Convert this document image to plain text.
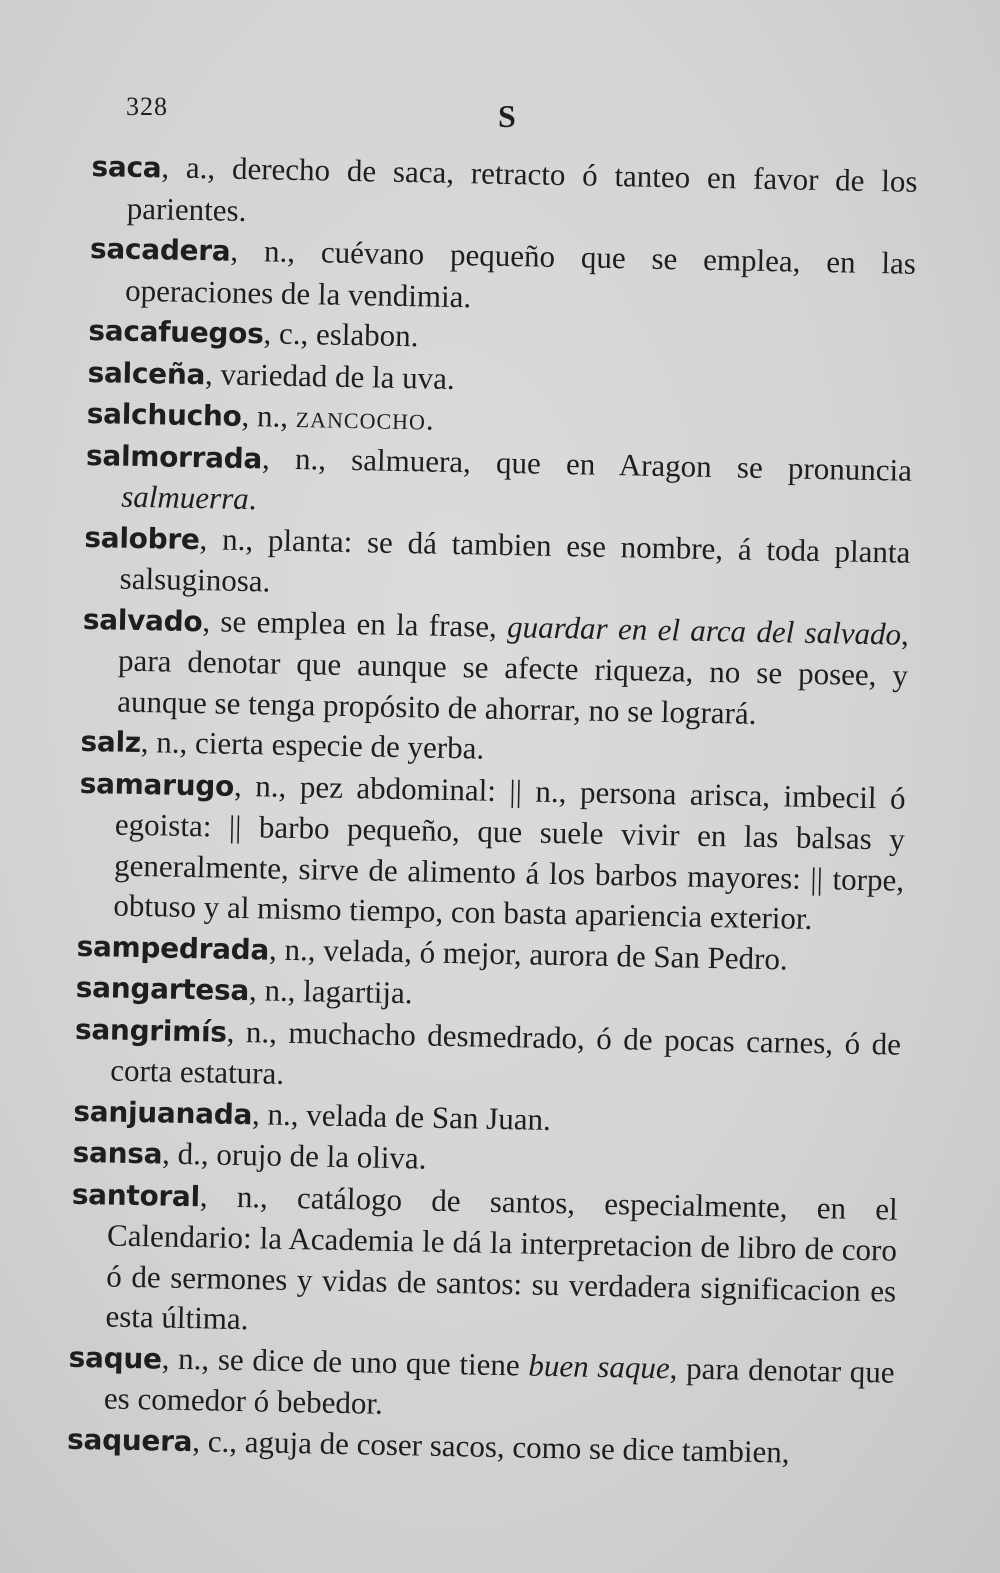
328	S
saca, a., derecho de saca, retracto ó tanteo en favor de los parientes.
sacadera, n., cuévano pequeño que se emplea, en las operaciones de la vendimia.
sacafuegos, c., eslabon.
salceña, variedad de la uva.
salchucho, n., zancocho.
salmorrada, n., salmuera, que en Aragon se pronuncia salmuerra.
salobre, n., planta: se dá tambien ese nombre, á toda planta salsuginosa.
salvado, se emplea en la frase, guardar en el arca del salvado, para denotar que aunque se afecte riqueza, no se posee, y aunque se tenga propósito de ahorrar, no se logrará.
salz, n., cierta especie de yerba.
samarugo, n., pez abdominal: || n., persona arisca, imbecil ó egoista: || barbo pequeño, que suele vivir en las balsas y generalmente, sirve de alimento á los barbos mayores: || torpe, obtuso y al mismo tiempo, con basta apariencia exterior.
sampedrada, n., velada, ó mejor, aurora de San Pedro.
sangartesa, n., lagartija.
sangrimís, n., muchacho desmedrado, ó de pocas carnes, ó de corta estatura.
sanjuanada, n., velada de San Juan.
sansa, d., orujo de la oliva.
santoral, n., catálogo de santos, especialmente, en el Calendario: la Academia le dá la interpretacion de libro de coro ó de sermones y vidas de santos: su verdadera significacion es esta última.
saque, n., se dice de uno que tiene buen saque, para denotar que es comedor ó bebedor.
saquera, c., aguja de coser sacos, como se dice tambien,
